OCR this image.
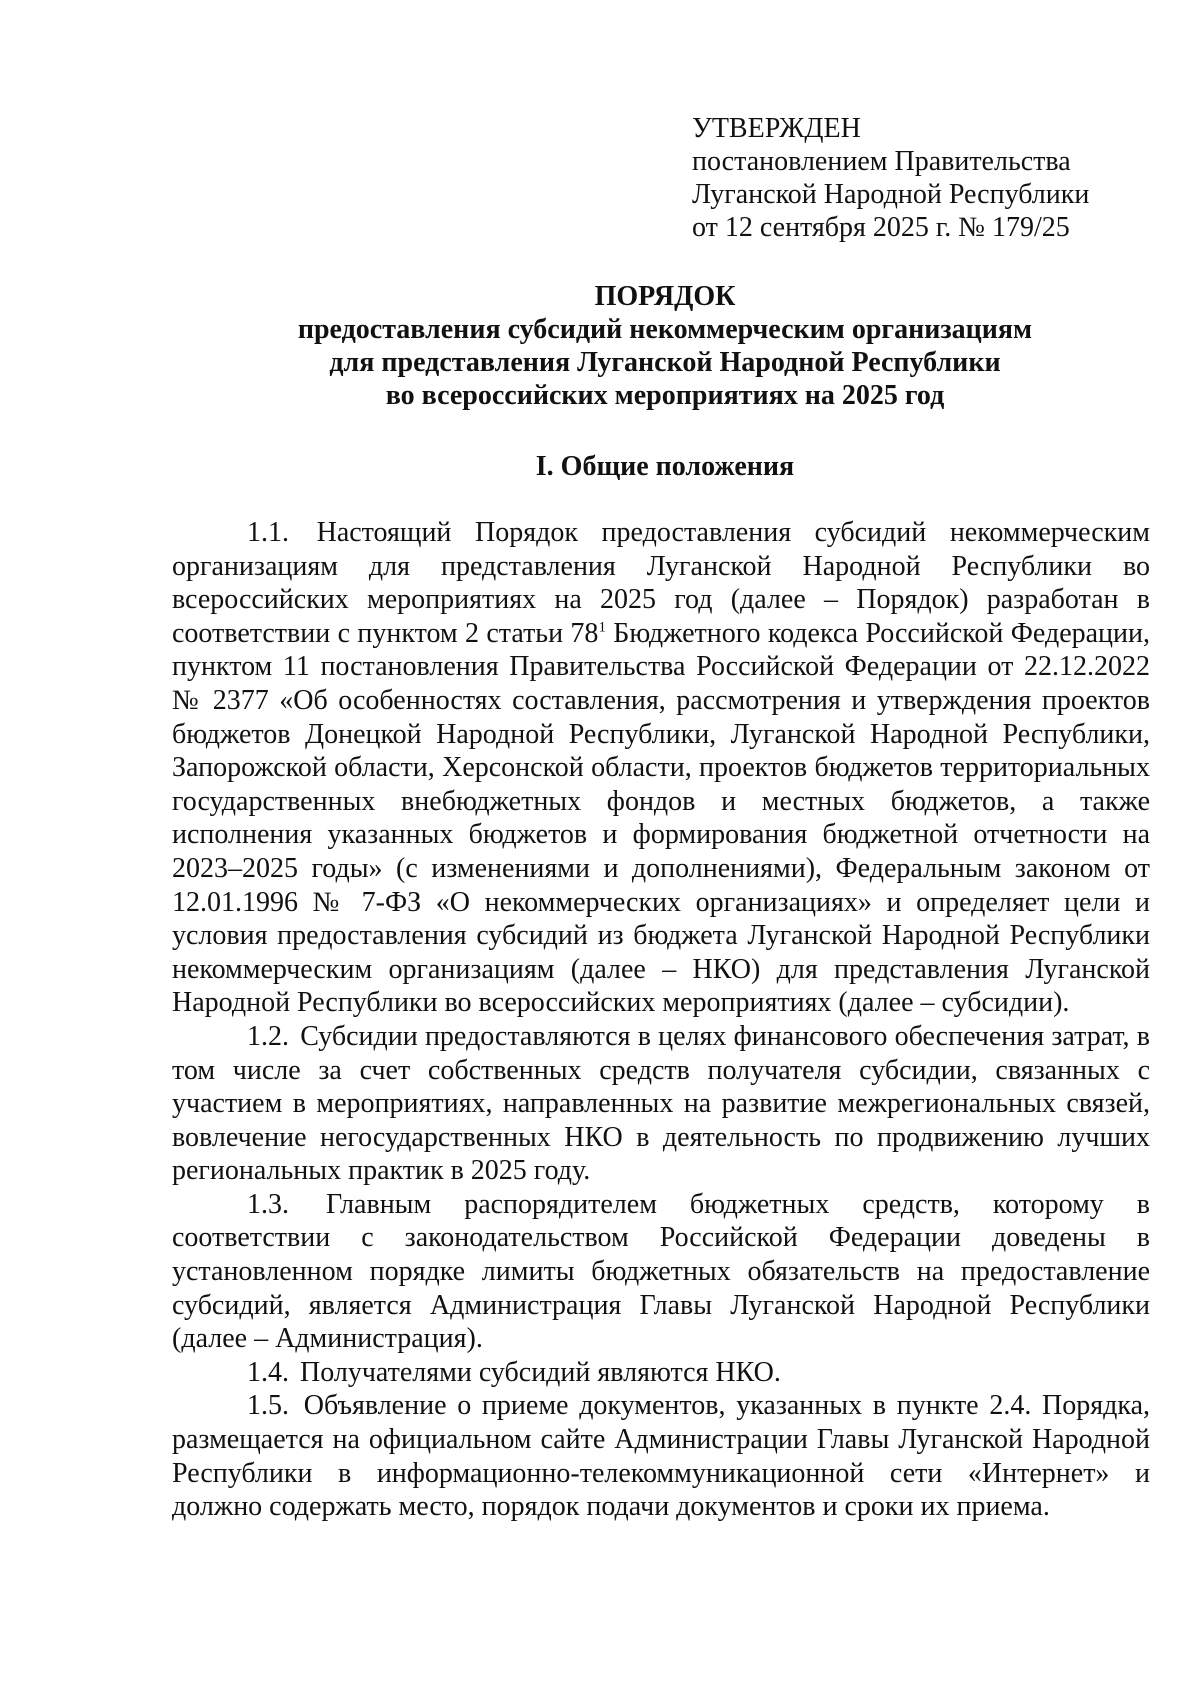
УТВЕРЖДЕН
постановлением Правительства
Луганской Народной Республики
от 12 сентября 2025 г. № 179/25
ПОРЯДОК
предоставления субсидий некоммерческим организациям
для представления Луганской Народной Республики
во всероссийских мероприятиях на 2025 год
I. Общие положения

1.1. Настоящий Порядок предоставления субсидий некоммерческим организациям для представления Луганской Народной Республики во всероссийских мероприятиях на 2025 год (далее – Порядок) разработан в соответствии с пунктом 2 статьи $78^1$ Бюджетного кодекса Российской Федерации, пунктом 11 постановления Правительства Российской Федерации от 22.12.2022 № 2377 «Об особенностях составления, рассмотрения и утверждения проектов бюджетов Донецкой Народной Республики, Луганской Народной Республики, Запорожской области, Херсонской области, проектов бюджетов территориальных государственных внебюджетных фондов и местных бюджетов, а также исполнения указанных бюджетов и формирования бюджетной отчетности на 2023–2025 годы» (с изменениями и дополнениями), Федеральным законом от 12.01.1996 № 7-ФЗ «О некоммерческих организациях» и определяет цели и условия предоставления субсидий из бюджета Луганской Народной Республики некоммерческим организациям (далее – НКО) для представления Луганской Народной Республики во всероссийских мероприятиях (далее – субсидии).

1.2. Субсидии предоставляются в целях финансового обеспечения затрат, в том числе за счет собственных средств получателя субсидии, связанных с участием в мероприятиях, направленных на развитие межрегиональных связей, вовлечение негосударственных НКО в деятельность по продвижению лучших региональных практик в 2025 году.

1.3. Главным распорядителем бюджетных средств, которому в соответствии с законодательством Российской Федерации доведены в установленном порядке лимиты бюджетных обязательств на предоставление субсидий, является Администрация Главы Луганской Народной Республики (далее – Администрация).

1.4. Получателями субсидий являются НКО.

1.5. Объявление о приеме документов, указанных в пункте 2.4. Порядка, размещается на официальном сайте Администрации Главы Луганской Народной Республики в информационно-телекоммуникационной сети «Интернет» и должно содержать место, порядок подачи документов и сроки их приема.
